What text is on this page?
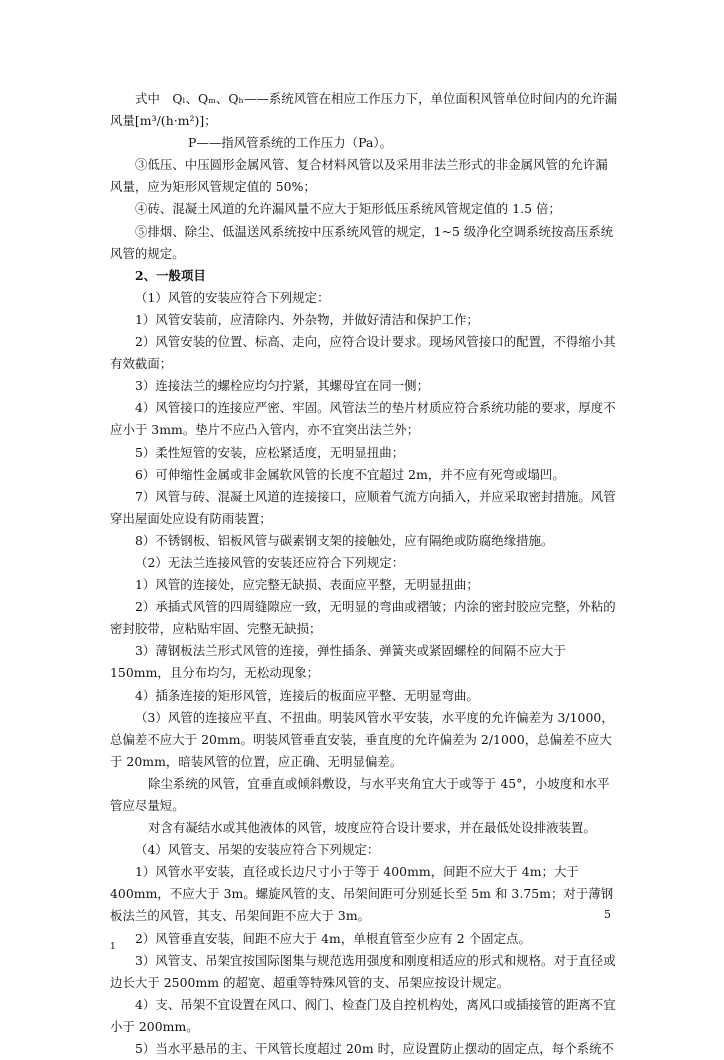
式中　Qₗ、Qₘ、Qₕ——系统风管在相应工作压力下，单位面积风管单位时间内的允许漏风量[m³/(h·m²)]；

P——指风管系统的工作压力（Pa）。

③低压、中压圆形金属风管、复合材料风管以及采用非法兰形式的非金属风管的允许漏风量，应为矩形风管规定值的 50%；

④砖、混凝土风道的允许漏风量不应大于矩形低压系统风管规定值的 1.5 倍；

⑤排烟、除尘、低温送风系统按中压系统风管的规定，1~5 级净化空调系统按高压系统风管的规定。

2、一般项目

（1）风管的安装应符合下列规定：

1）风管安装前，应清除内、外杂物，并做好清洁和保护工作；

2）风管安装的位置、标高、走向，应符合设计要求。现场风管接口的配置，不得缩小其有效截面；

3）连接法兰的螺栓应均匀拧紧，其螺母宜在同一侧；

4）风管接口的连接应严密、牢固。风管法兰的垫片材质应符合系统功能的要求，厚度不应小于 3mm。垫片不应凸入管内，亦不宜突出法兰外；

5）柔性短管的安装，应松紧适度，无明显扭曲；

6）可伸缩性金属或非金属软风管的长度不宜超过 2m，并不应有死弯或塌凹。

7）风管与砖、混凝土风道的连接接口，应顺着气流方向插入，并应采取密封措施。风管穿出屋面处应设有防雨装置；

8）不锈钢板、铝板风管与碳素钢支架的接触处，应有隔绝或防腐绝缘措施。

（2）无法兰连接风管的安装还应符合下列规定：

1）风管的连接处，应完整无缺损、表面应平整，无明显扭曲；

2）承插式风管的四周缝隙应一致，无明显的弯曲或褶皱；内涂的密封胶应完整，外粘的密封胶带，应粘贴牢固、完整无缺损；

3）薄钢板法兰形式风管的连接，弹性插条、弹簧夹或紧固螺栓的间隔不应大于 150mm，且分布均匀，无松动现象；

4）插条连接的矩形风管，连接后的板面应平整、无明显弯曲。

（3）风管的连接应平直、不扭曲。明装风管水平安装，水平度的允许偏差为 3/1000，总偏差不应大于 20mm。明装风管垂直安装，垂直度的允许偏差为 2/1000，总偏差不应大于 20mm，暗装风管的位置，应正确、无明显偏差。

除尘系统的风管，宜垂直或倾斜敷设，与水平夹角宜大于或等于 45°，小坡度和水平管应尽量短。

对含有凝结水或其他液体的风管，坡度应符合设计要求，并在最低处设排液装置。

（4）风管支、吊架的安装应符合下列规定：

1）风管水平安装，直径或长边尺寸小于等于 400mm，间距不应大于 4m；大于 400mm，不应大于 3m。螺旋风管的支、吊架间距可分别延长至 5m 和 3.75m；对于薄钢板法兰的风管，其支、吊架间距不应大于 3m。

2）风管垂直安装，间距不应大于 4m，单根直管至少应有 2 个固定点。

3）风管支、吊架宜按国际图集与规范选用强度和刚度相适应的形式和规格。对于直径或边长大于 2500mm 的超宽、超重等特殊风管的支、吊架应按设计规定。

4）支、吊架不宜设置在风口、阀门、检查门及自控机构处，离风口或插接管的距离不宜小于 200mm。

5）当水平悬吊的主、干风管长度超过 20m 时，应设置防止摆动的固定点，每个系统不

5
1
